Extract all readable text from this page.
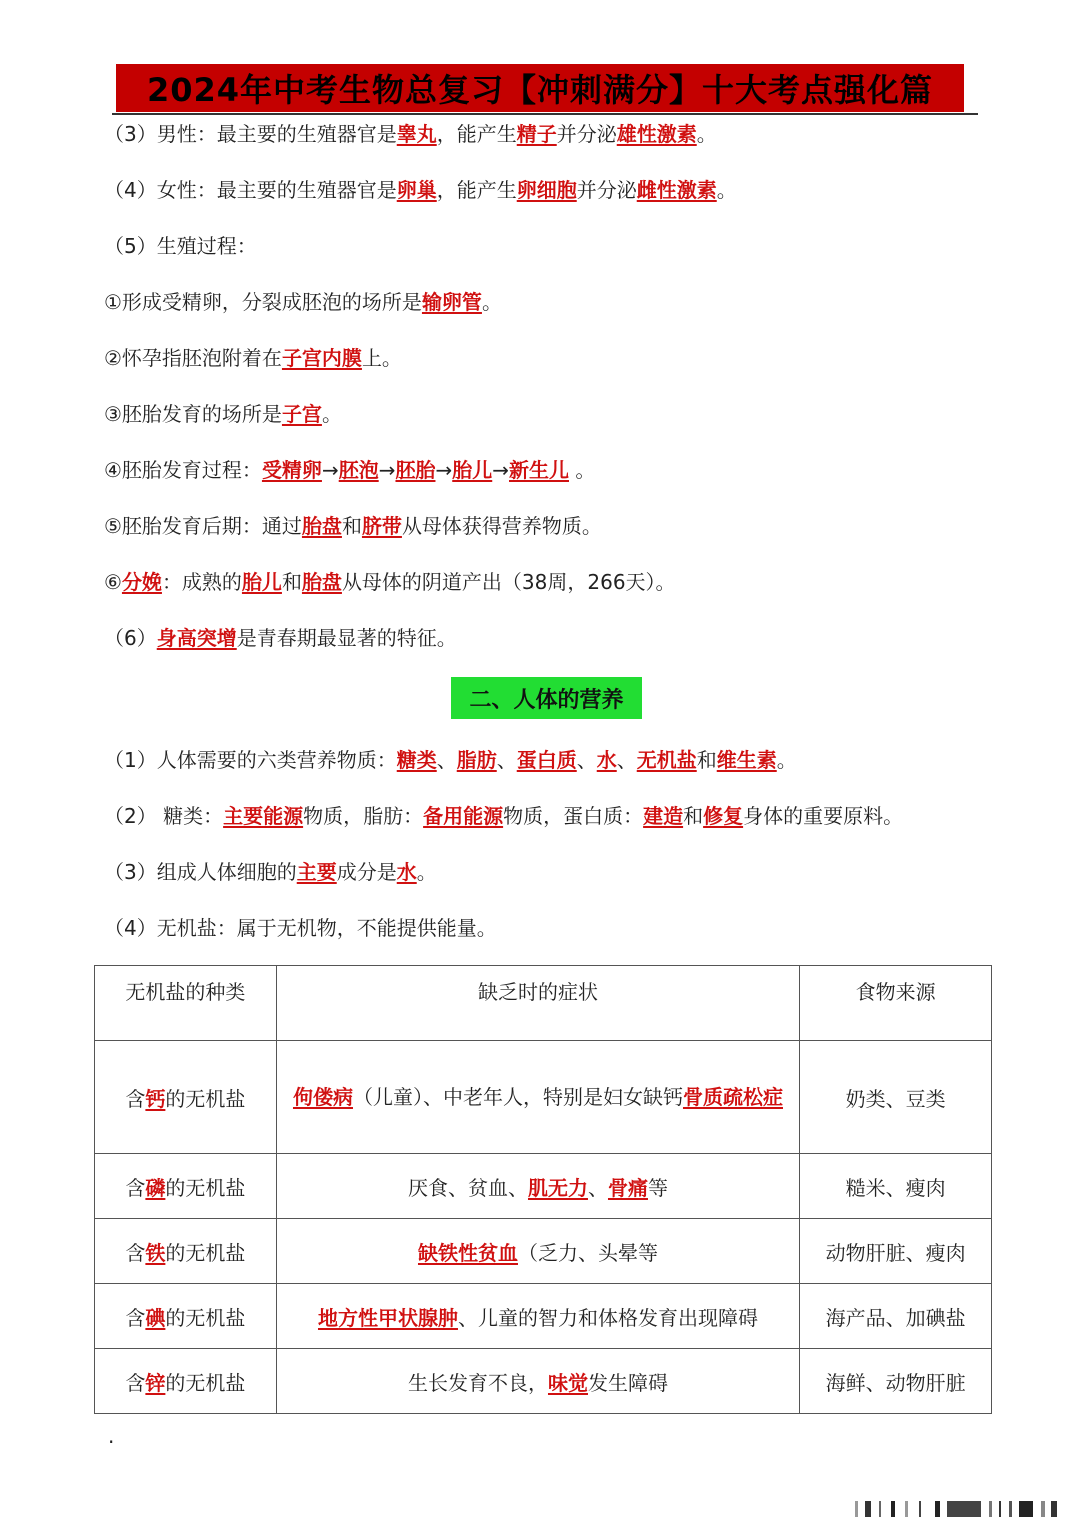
2024年中考生物总复习【冲刺满分】十大考点强化篇
（3）男性：最主要的生殖器官是睾丸，能产生精子并分泌雄性激素。
（4）女性：最主要的生殖器官是卵巢，能产生卵细胞并分泌雌性激素。
（5）生殖过程：
①形成受精卵，分裂成胚泡的场所是输卵管。
②怀孕指胚泡附着在子宫内膜上。
③胚胎发育的场所是子宫。
④胚胎发育过程：受精卵→胚泡→胚胎→胎儿→新生儿 。
⑤胚胎发育后期：通过胎盘和脐带从母体获得营养物质。
⑥分娩：成熟的胎儿和胎盘从母体的阴道产出（38周，266天）。
（6）身高突增是青春期最显著的特征。
二、人体的营养
（1）人体需要的六类营养物质：糖类、脂肪、蛋白质、水、无机盐和维生素。
（2） 糖类：主要能源物质，脂肪：备用能源物质，蛋白质：建造和修复身体的重要原料。
（3）组成人体细胞的主要成分是水。
（4）无机盐：属于无机物，不能提供能量。
无机盐的种类	缺乏时的症状	食物来源
含钙的无机盐	佝偻病（儿童）、中老年人，特别是妇女缺钙骨质疏松症	奶类、豆类
含磷的无机盐	厌食、贫血、肌无力、骨痛等	糙米、瘦肉
含铁的无机盐	缺铁性贫血（乏力、头晕等	动物肝脏、瘦肉
含碘的无机盐	地方性甲状腺肿、儿童的智力和体格发育出现障碍	海产品、加碘盐
含锌的无机盐	生长发育不良，味觉发生障碍	海鲜、动物肝脏
.
